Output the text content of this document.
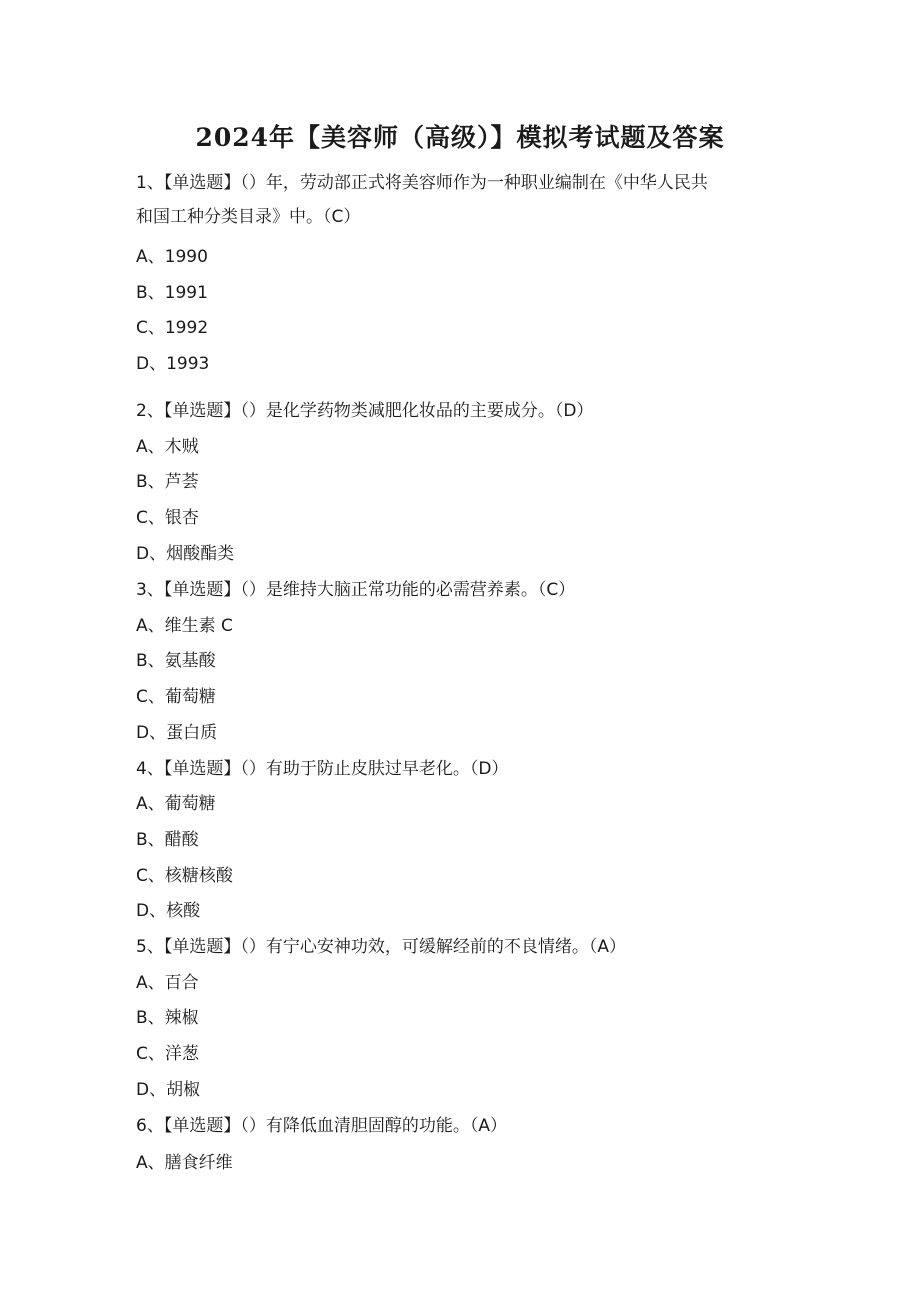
2024年【美容师（高级）】模拟考试题及答案
1、【单选题】（）年，劳动部正式将美容师作为一种职业编制在《中华人民共
和国工种分类目录》中。（C）
A、1990
B、1991
C、1992
D、1993
2、【单选题】（）是化学药物类减肥化妆品的主要成分。（D）
A、木贼
B、芦荟
C、银杏
D、烟酸酯类
3、【单选题】（）是维持大脑正常功能的必需营养素。（C）
A、维生素 C
B、氨基酸
C、葡萄糖
D、蛋白质
4、【单选题】（）有助于防止皮肤过早老化。（D）
A、葡萄糖
B、醋酸
C、核糖核酸
D、核酸
5、【单选题】（）有宁心安神功效，可缓解经前的不良情绪。（A）
A、百合
B、辣椒
C、洋葱
D、胡椒
6、【单选题】（）有降低血清胆固醇的功能。（A）
A、膳食纤维
